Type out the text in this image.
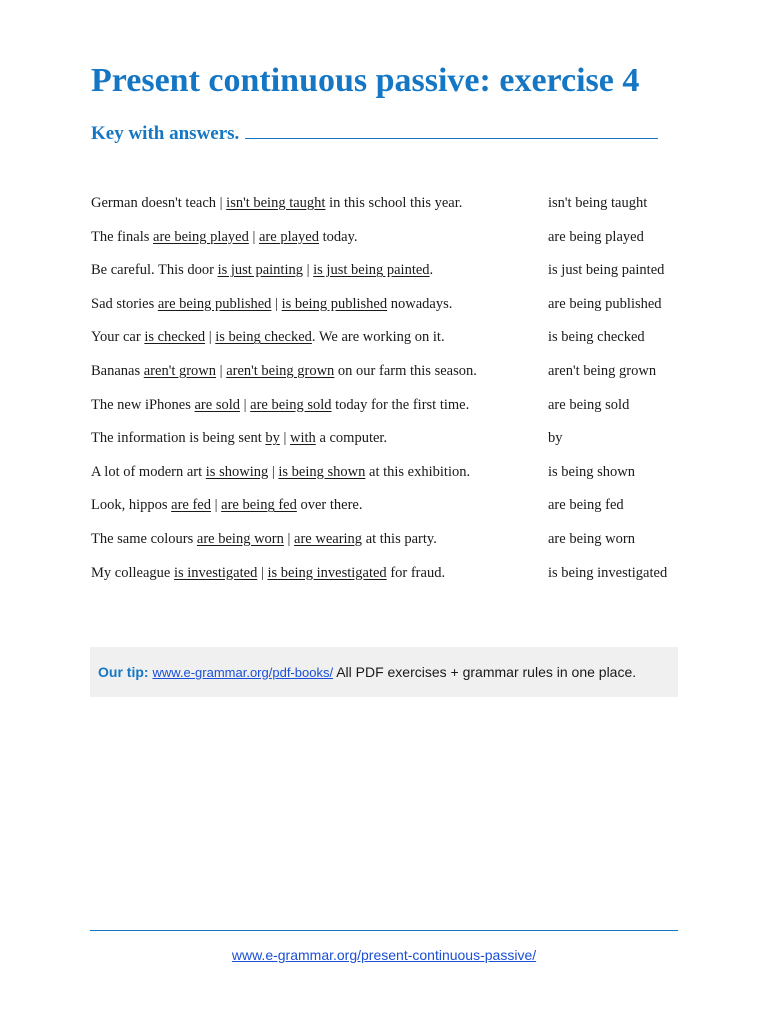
Present continuous passive: exercise 4
Key with answers.
German doesn't teach | isn't being taught in this school this year.	isn't being taught
The finals are being played | are played today.	are being played
Be careful. This door is just painting | is just being painted.	is just being painted
Sad stories are being published | is being published nowadays.	are being published
Your car is checked | is being checked. We are working on it.	is being checked
Bananas aren't grown | aren't being grown on our farm this season.	aren't being grown
The new iPhones are sold | are being sold today for the first time.	are being sold
The information is being sent by | with a computer.	by
A lot of modern art is showing | is being shown at this exhibition.	is being shown
Look, hippos are fed | are being fed over there.	are being fed
The same colours are being worn | are wearing at this party.	are being worn
My colleague is investigated | is being investigated for fraud.	is being investigated
Our tip: www.e-grammar.org/pdf-books/ All PDF exercises + grammar rules in one place.
www.e-grammar.org/present-continuous-passive/
